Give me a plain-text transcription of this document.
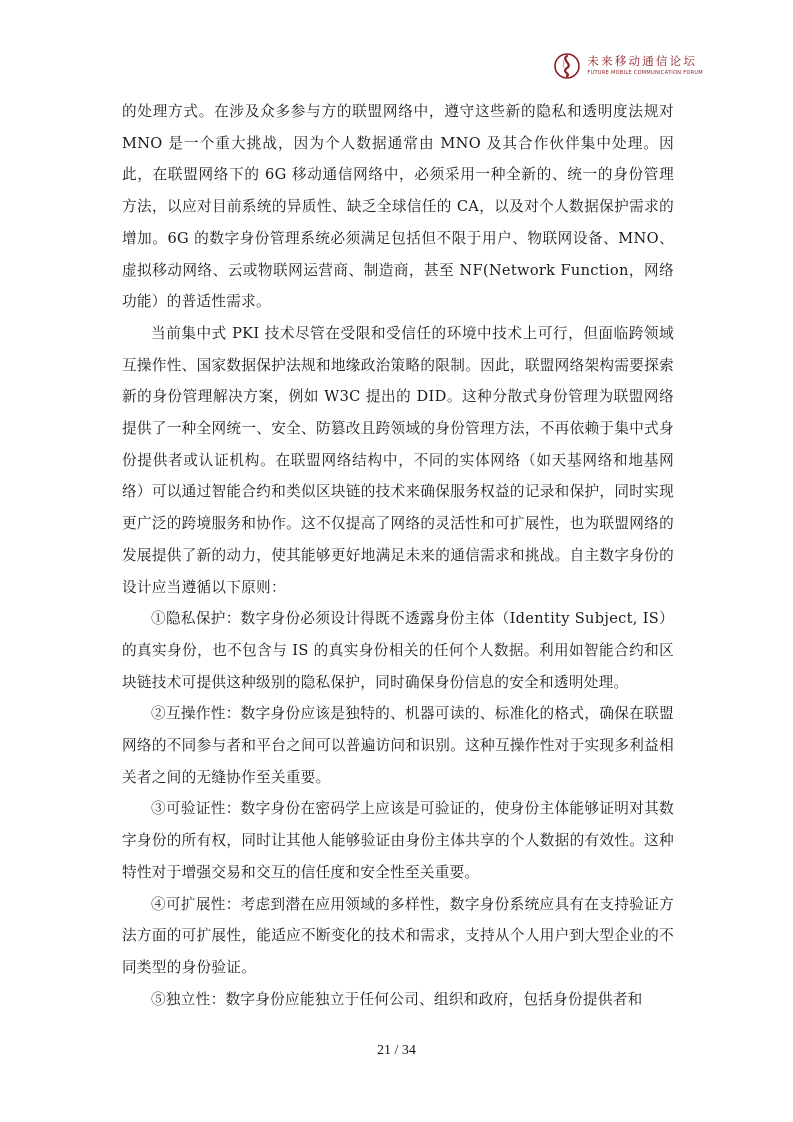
未来移动通信论坛
FUTURE MOBILE COMMUNICATION FORUM

的处理方式。在涉及众多参与方的联盟网络中，遵守这些新的隐私和透明度法规对 MNO 是一个重大挑战，因为个人数据通常由 MNO 及其合作伙伴集中处理。因此，在联盟网络下的 6G 移动通信网络中，必须采用一种全新的、统一的身份管理方法，以应对目前系统的异质性、缺乏全球信任的 CA，以及对个人数据保护需求的增加。6G 的数字身份管理系统必须满足包括但不限于用户、物联网设备、MNO、虚拟移动网络、云或物联网运营商、制造商，甚至 NF(Network Function，网络功能）的普适性需求。

当前集中式 PKI 技术尽管在受限和受信任的环境中技术上可行，但面临跨领域互操作性、国家数据保护法规和地缘政治策略的限制。因此，联盟网络架构需要探索新的身份管理解决方案，例如 W3C 提出的 DID。这种分散式身份管理为联盟网络提供了一种全网统一、安全、防篡改且跨领域的身份管理方法，不再依赖于集中式身份提供者或认证机构。在联盟网络结构中，不同的实体网络（如天基网络和地基网络）可以通过智能合约和类似区块链的技术来确保服务权益的记录和保护，同时实现更广泛的跨境服务和协作。这不仅提高了网络的灵活性和可扩展性，也为联盟网络的发展提供了新的动力，使其能够更好地满足未来的通信需求和挑战。自主数字身份的设计应当遵循以下原则：

①隐私保护：数字身份必须设计得既不透露身份主体（Identity Subject, IS）的真实身份，也不包含与 IS 的真实身份相关的任何个人数据。利用如智能合约和区块链技术可提供这种级别的隐私保护，同时确保身份信息的安全和透明处理。

②互操作性：数字身份应该是独特的、机器可读的、标准化的格式，确保在联盟网络的不同参与者和平台之间可以普遍访问和识别。这种互操作性对于实现多利益相关者之间的无缝协作至关重要。

③可验证性：数字身份在密码学上应该是可验证的，使身份主体能够证明对其数字身份的所有权，同时让其他人能够验证由身份主体共享的个人数据的有效性。这种特性对于增强交易和交互的信任度和安全性至关重要。

④可扩展性：考虑到潜在应用领域的多样性，数字身份系统应具有在支持验证方法方面的可扩展性，能适应不断变化的技术和需求，支持从个人用户到大型企业的不同类型的身份验证。

⑤独立性：数字身份应能独立于任何公司、组织和政府，包括身份提供者和

21 / 34
